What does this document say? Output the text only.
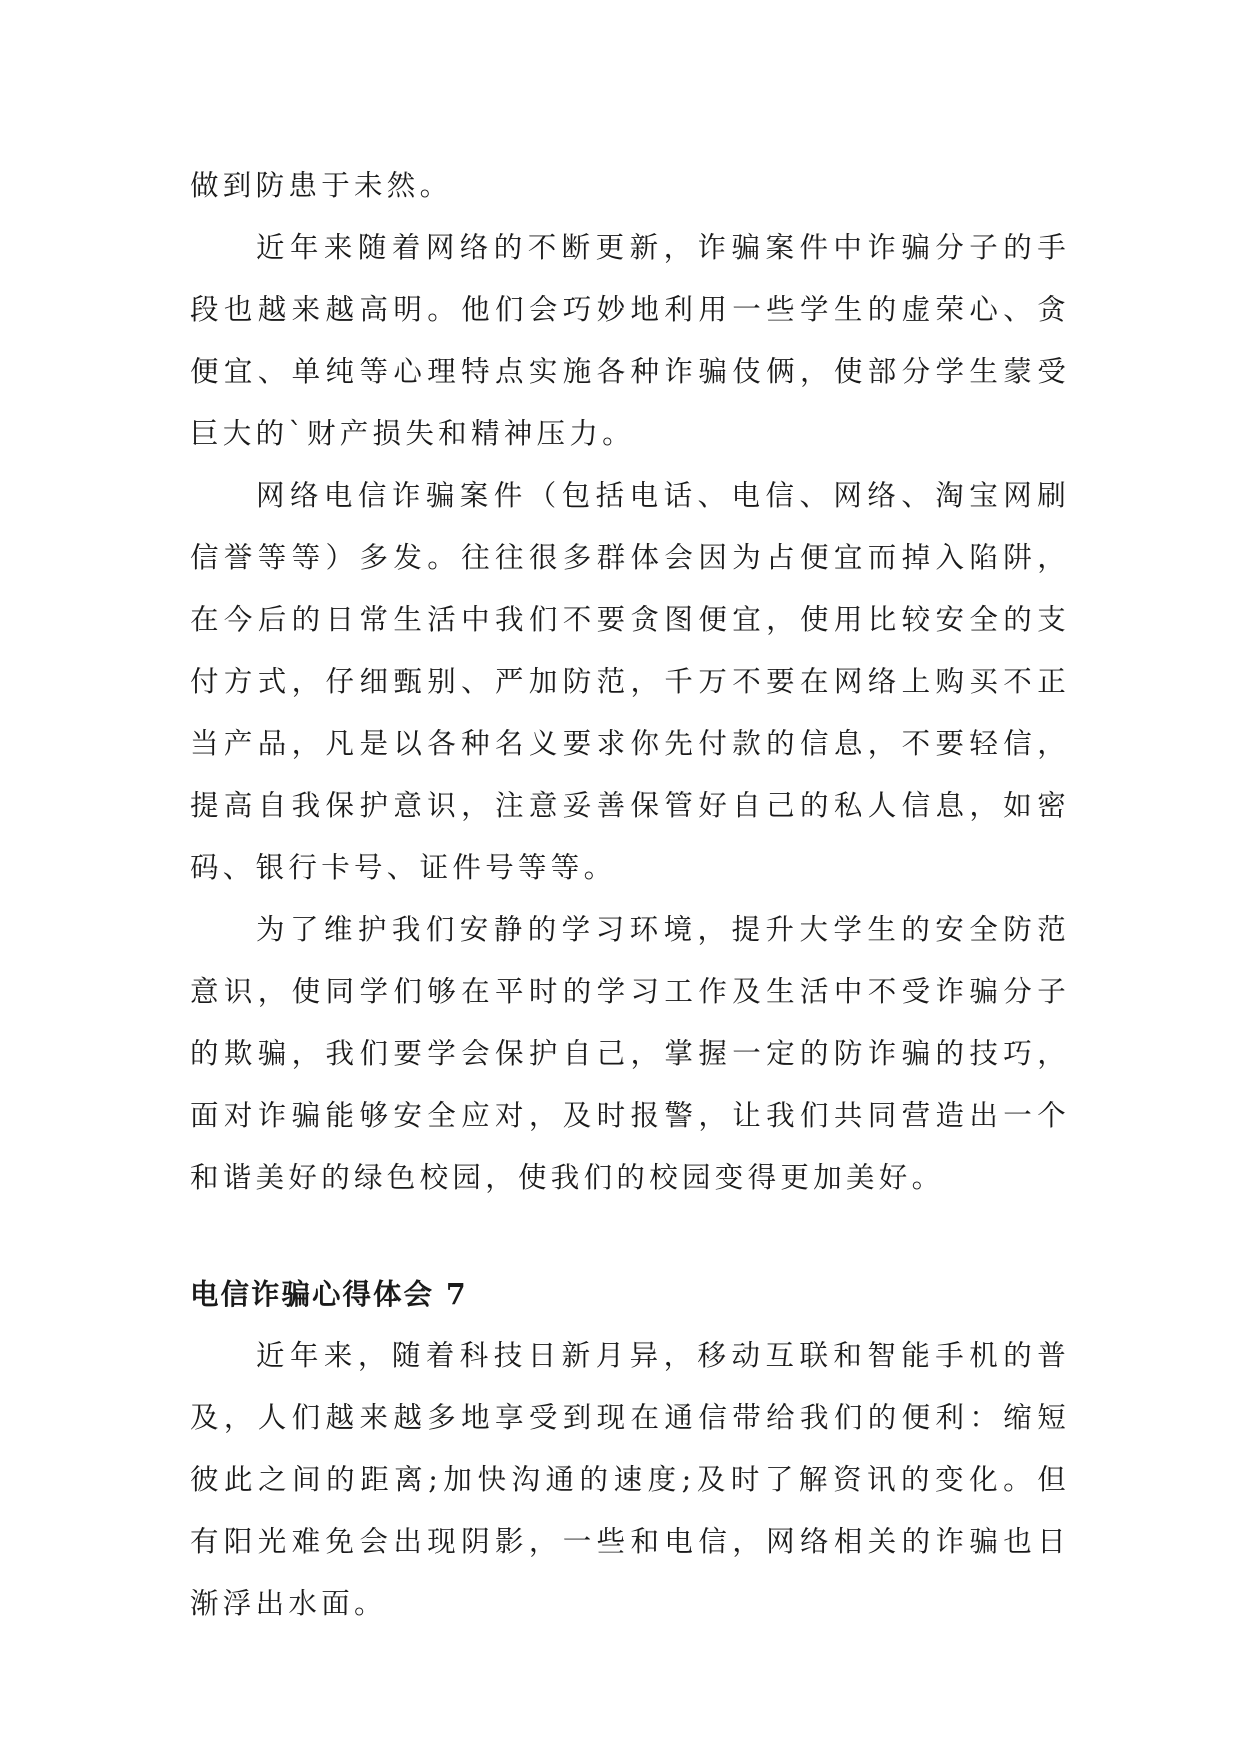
做到防患于未然。

近年来随着网络的不断更新，诈骗案件中诈骗分子的手段也越来越高明。他们会巧妙地利用一些学生的虚荣心、贪便宜、单纯等心理特点实施各种诈骗伎俩，使部分学生蒙受巨大的`财产损失和精神压力。

网络电信诈骗案件（包括电话、电信、网络、淘宝网刷信誉等等）多发。往往很多群体会因为占便宜而掉入陷阱，在今后的日常生活中我们不要贪图便宜，使用比较安全的支付方式，仔细甄别、严加防范，千万不要在网络上购买不正当产品，凡是以各种名义要求你先付款的信息，不要轻信，提高自我保护意识，注意妥善保管好自己的私人信息，如密码、银行卡号、证件号等等。

为了维护我们安静的学习环境，提升大学生的安全防范意识，使同学们够在平时的学习工作及生活中不受诈骗分子的欺骗，我们要学会保护自己，掌握一定的防诈骗的技巧，面对诈骗能够安全应对，及时报警，让我们共同营造出一个和谐美好的绿色校园，使我们的校园变得更加美好。

电信诈骗心得体会 7

近年来，随着科技日新月异，移动互联和智能手机的普及，人们越来越多地享受到现在通信带给我们的便利：缩短彼此之间的距离;加快沟通的速度;及时了解资讯的变化。但有阳光难免会出现阴影，一些和电信，网络相关的诈骗也日渐浮出水面。
